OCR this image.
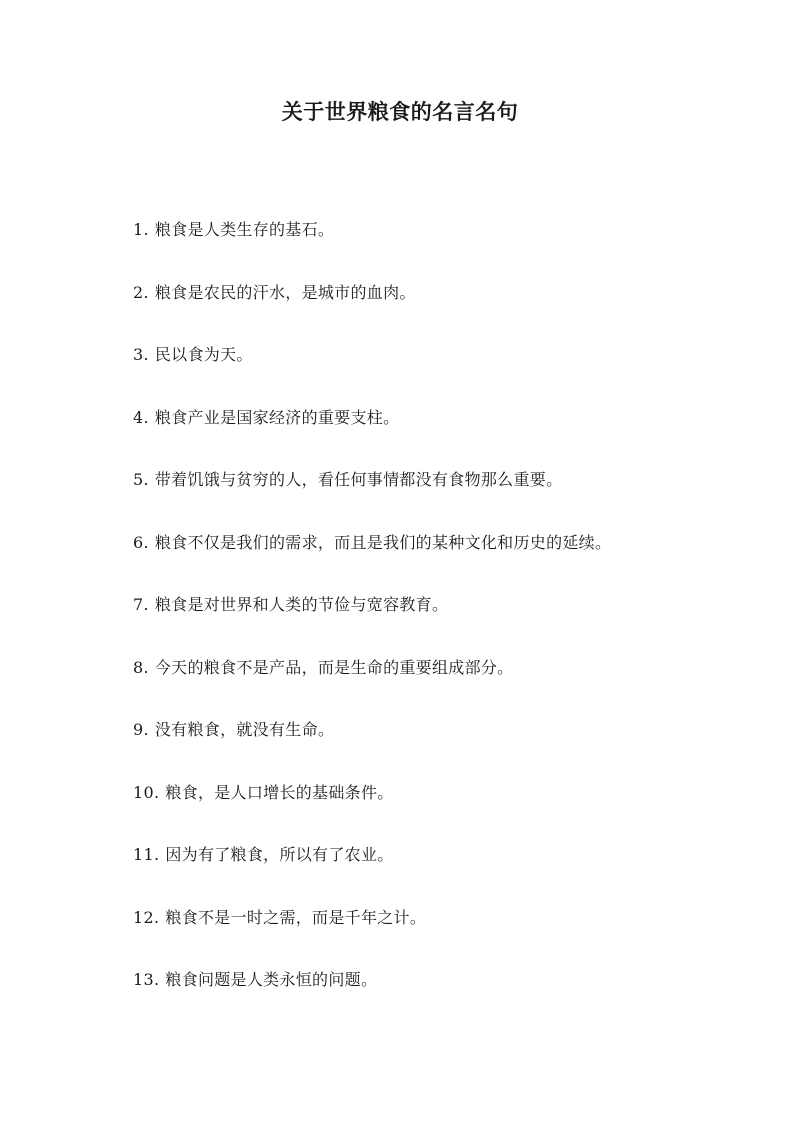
关于世界粮食的名言名句
1. 粮食是人类生存的基石。
2. 粮食是农民的汗水，是城市的血肉。
3. 民以食为天。
4. 粮食产业是国家经济的重要支柱。
5. 带着饥饿与贫穷的人，看任何事情都没有食物那么重要。
6. 粮食不仅是我们的需求，而且是我们的某种文化和历史的延续。
7. 粮食是对世界和人类的节俭与宽容教育。
8. 今天的粮食不是产品，而是生命的重要组成部分。
9. 没有粮食，就没有生命。
10. 粮食，是人口增长的基础条件。
11. 因为有了粮食，所以有了农业。
12. 粮食不是一时之需，而是千年之计。
13. 粮食问题是人类永恒的问题。
